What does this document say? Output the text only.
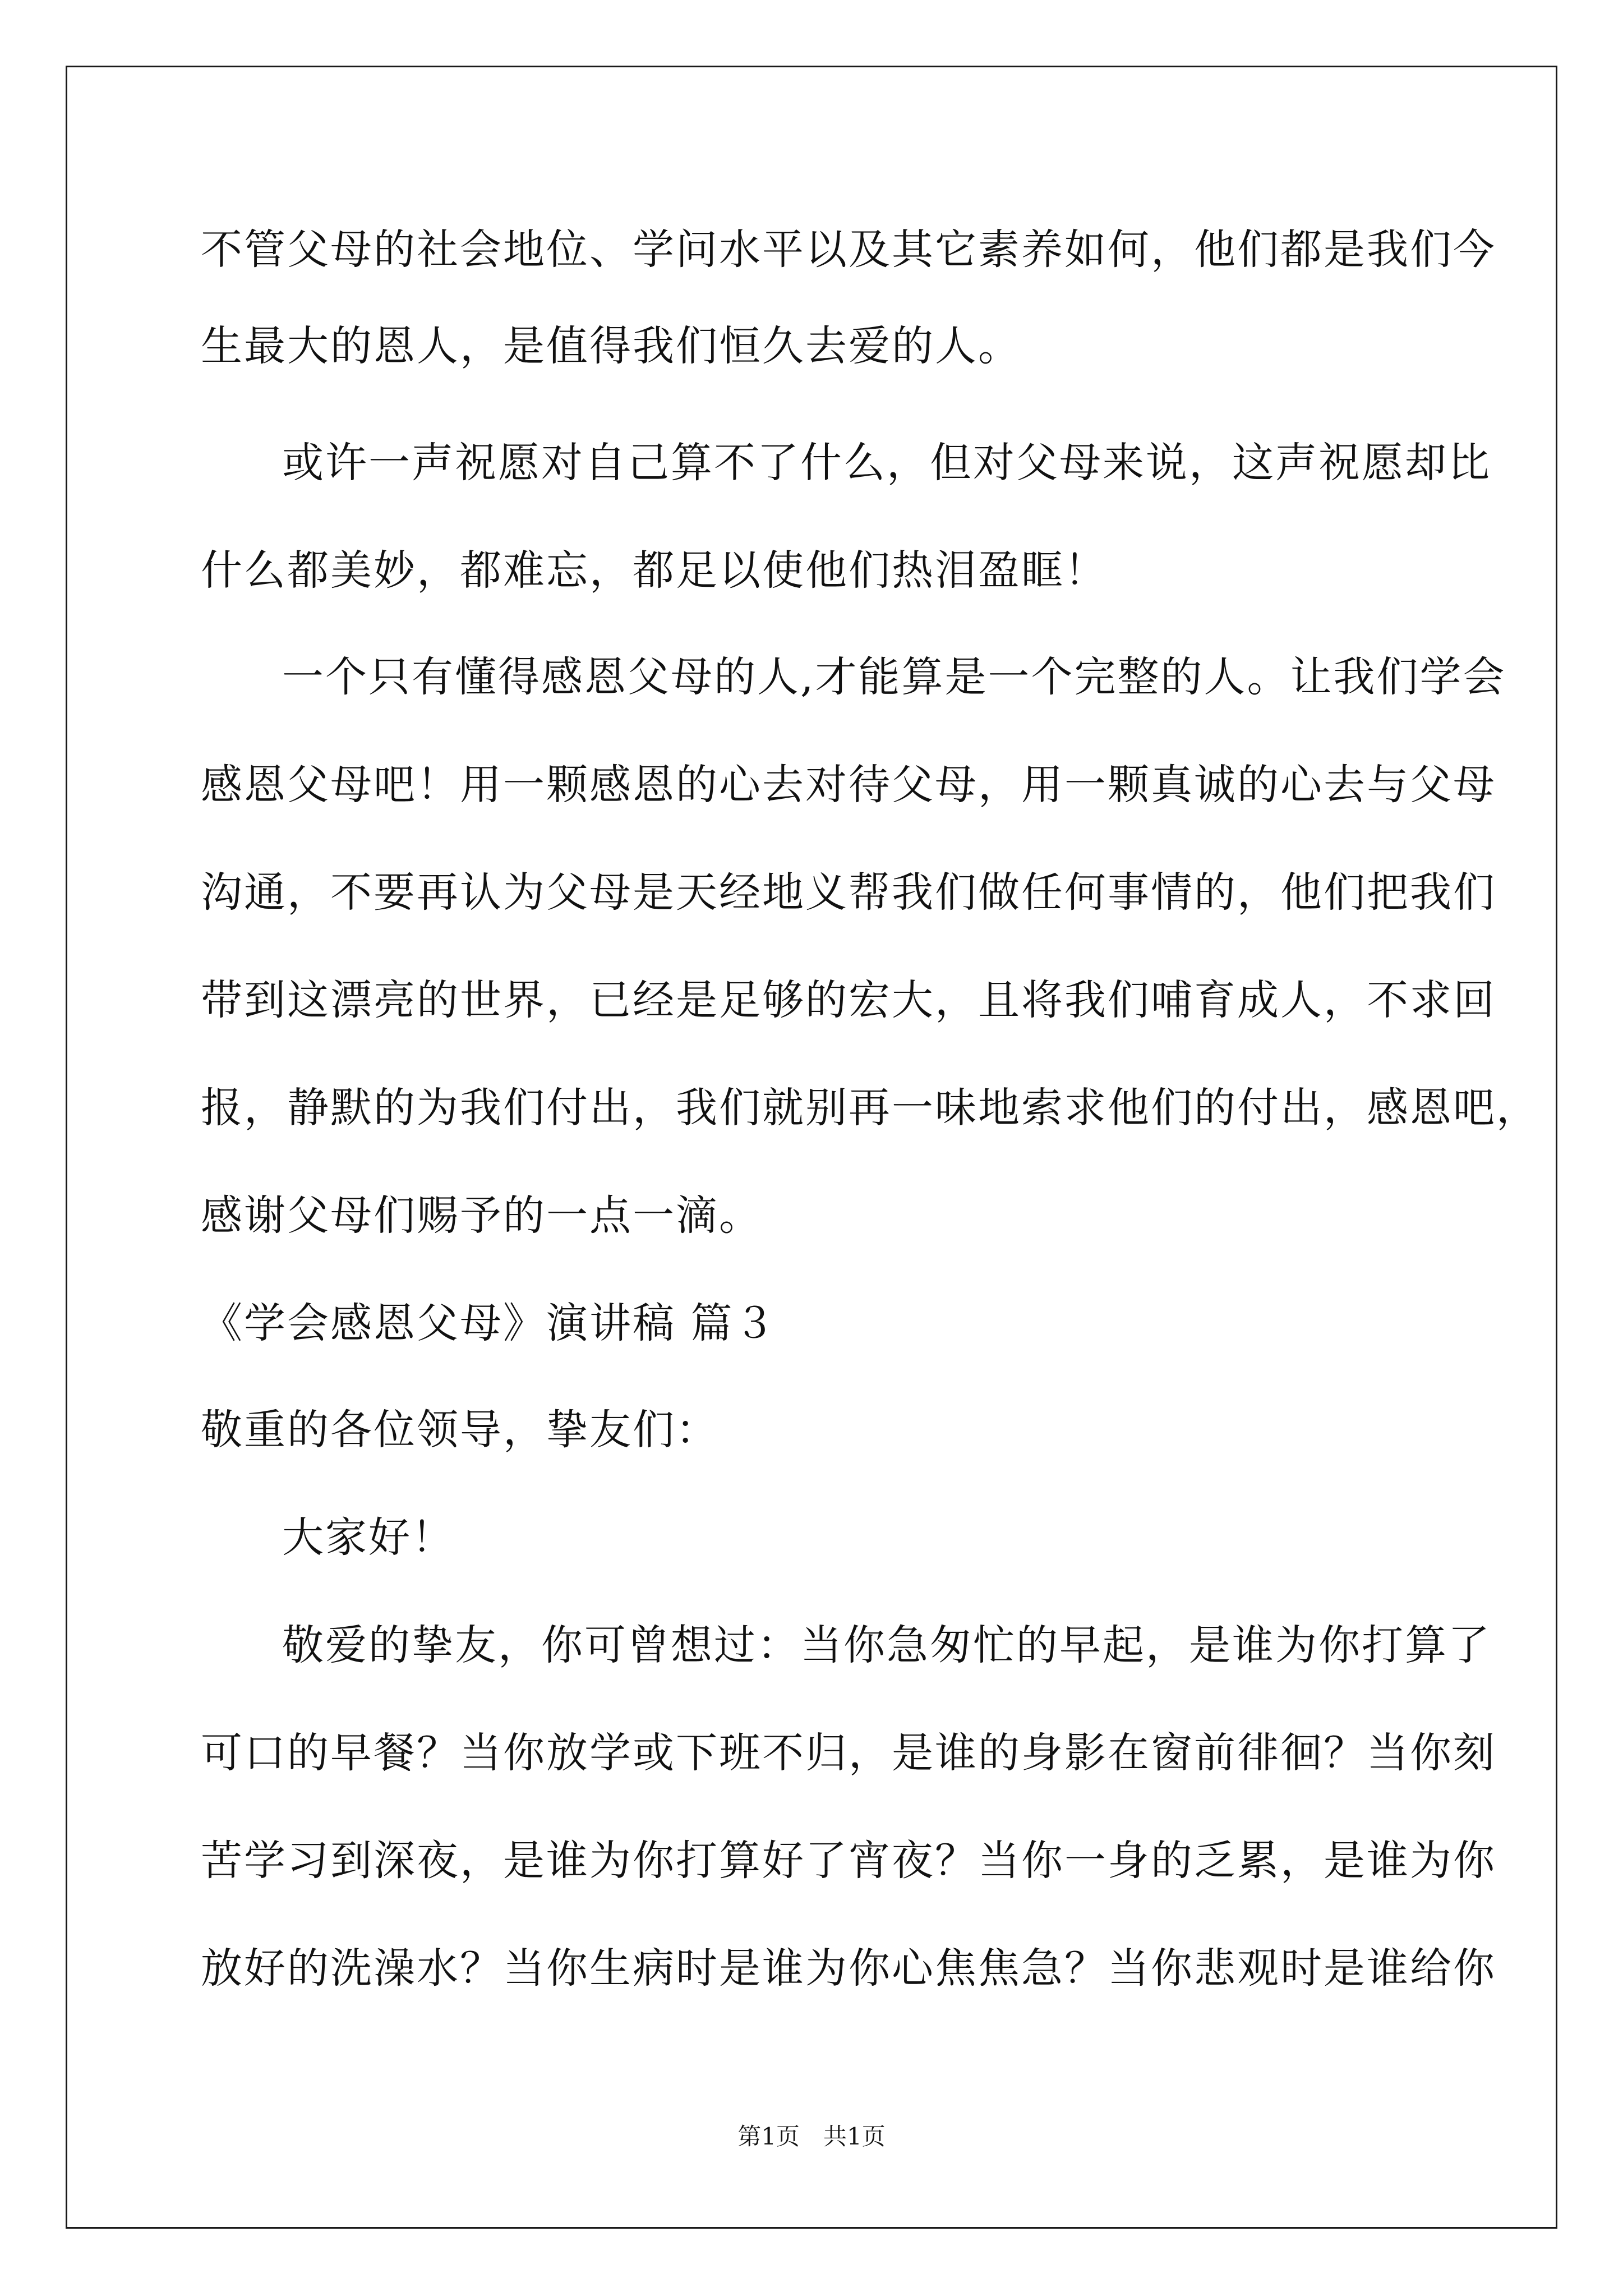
不管父母的社会地位、学问水平以及其它素养如何，他们都是我们今
生最大的恩人，是值得我们恒久去爱的人。
或许一声祝愿对自己算不了什么，但对父母来说，这声祝愿却比
什么都美妙，都难忘，都足以使他们热泪盈眶！
一个只有懂得感恩父母的人,才能算是一个完整的人。让我们学会
感恩父母吧！用一颗感恩的心去对待父母，用一颗真诚的心去与父母
沟通，不要再认为父母是天经地义帮我们做任何事情的，他们把我们
带到这漂亮的世界，已经是足够的宏大，且将我们哺育成人，不求回
报，静默的为我们付出，我们就别再一味地索求他们的付出，感恩吧，
感谢父母们赐予的一点一滴。
《学会感恩父母》演讲稿 篇３
敬重的各位领导，挚友们：
大家好！
敬爱的挚友，你可曾想过：当你急匆忙的早起，是谁为你打算了
可口的早餐？当你放学或下班不归，是谁的身影在窗前徘徊？当你刻
苦学习到深夜，是谁为你打算好了宵夜？当你一身的乏累，是谁为你
放好的洗澡水？当你生病时是谁为你心焦焦急？当你悲观时是谁给你
第1页　共1页
